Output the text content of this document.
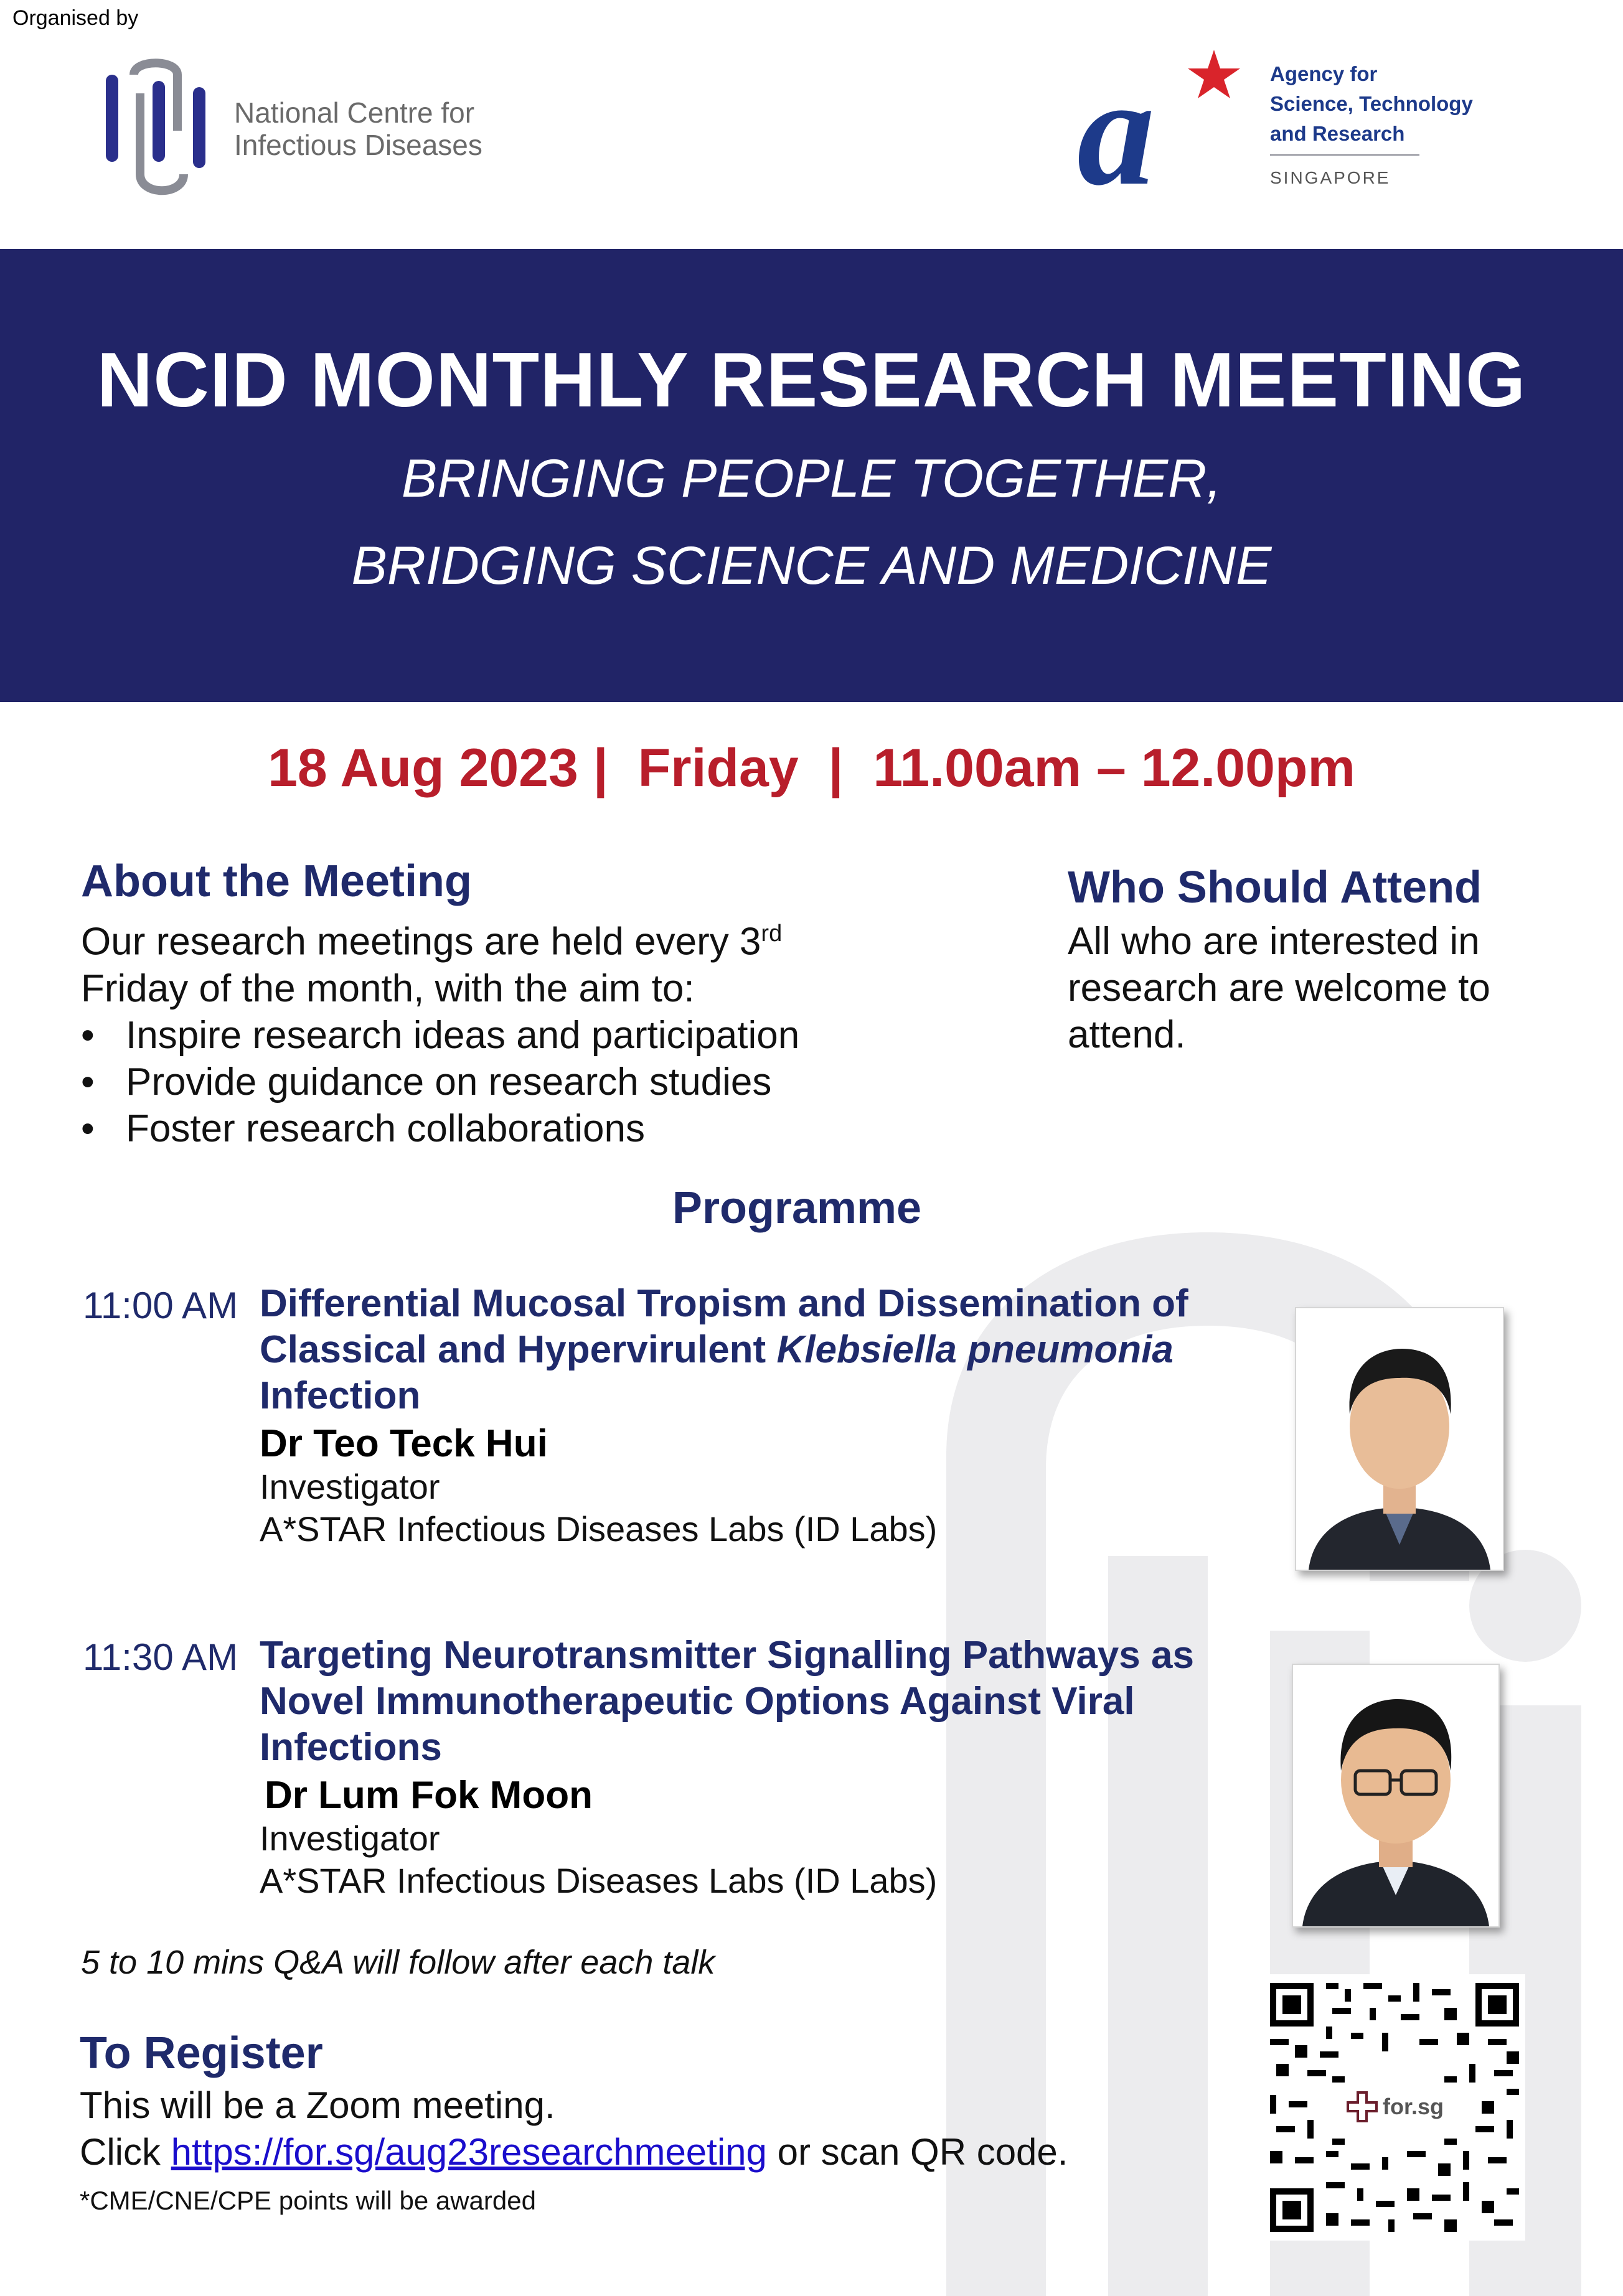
Organised by
National Centre for
Infectious Diseases	a	Agency for
Science, Technology
and Research
SINGAPORE
NCID MONTHLY RESEARCH MEETING
BRINGING PEOPLE TOGETHER,
BRIDGING SCIENCE AND MEDICINE
18 Aug 2023 | Friday | 11.00am – 12.00pm
About the Meeting
Our research meetings are held every 3rd
Friday of the month, with the aim to:
• Inspire research ideas and participation
• Provide guidance on research studies
• Foster research collaborations
Who Should Attend
All who are interested in
research are welcome to
attend.
Programme
11:00 AM Differential Mucosal Tropism and Dissemination of
Classical and Hypervirulent Klebsiella pneumonia
Infection
Dr Teo Teck Hui
Investigator
A*STAR Infectious Diseases Labs (ID Labs)
11:30 AM Targeting Neurotransmitter Signalling Pathways as
Novel Immunotherapeutic Options Against Viral
Infections
Dr Lum Fok Moon
Investigator
A*STAR Infectious Diseases Labs (ID Labs)
5 to 10 mins Q&A will follow after each talk
To Register
This will be a Zoom meeting.
Click https://for.sg/aug23researchmeeting or scan QR code.
*CME/CNE/CPE points will be awarded
for.sg
